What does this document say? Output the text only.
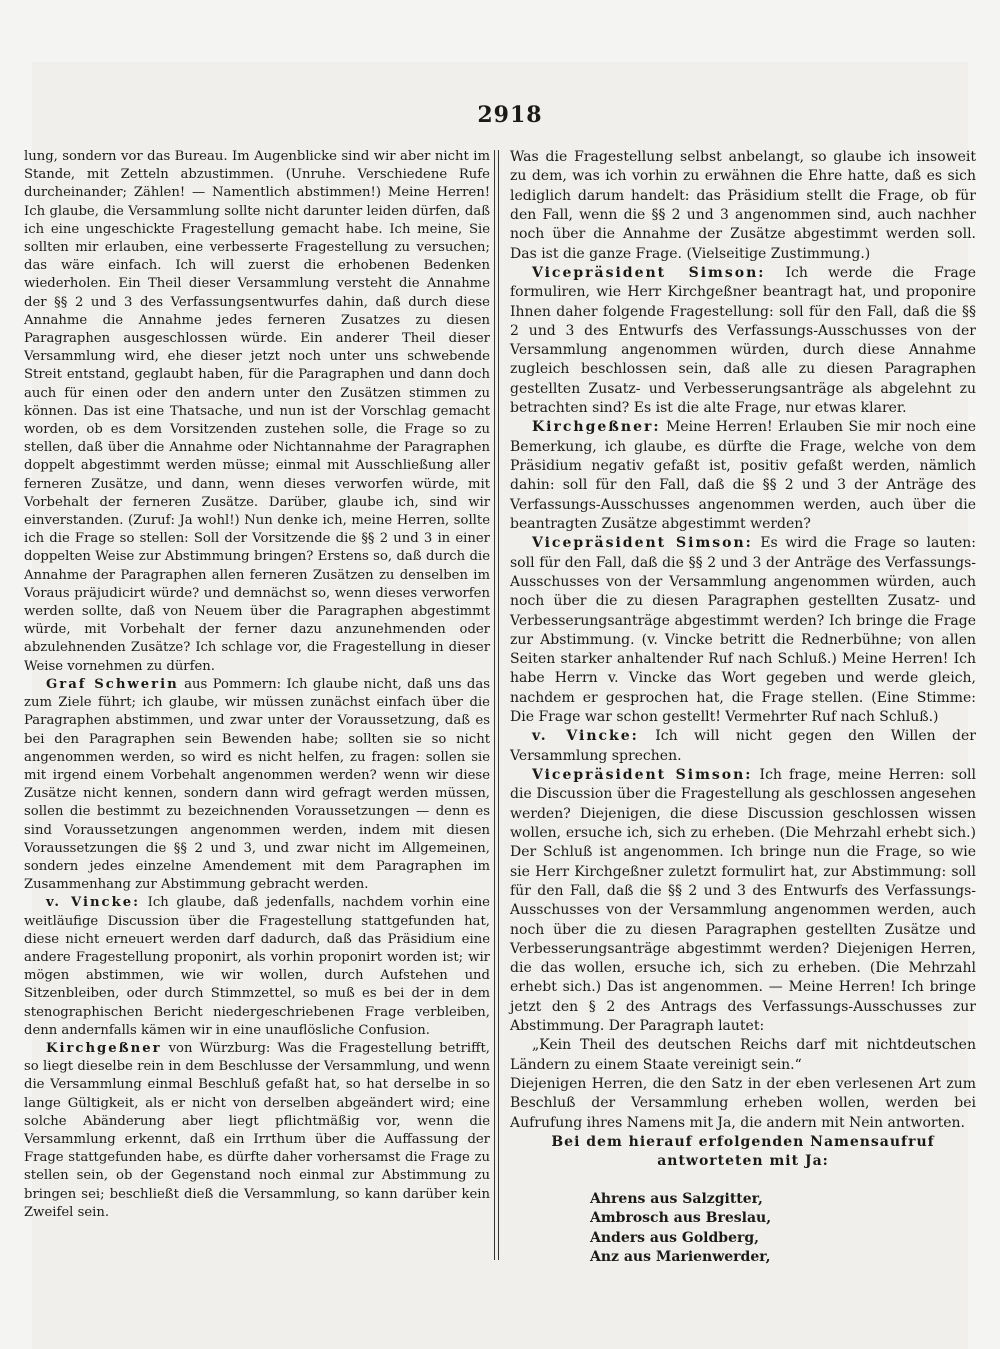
2918

lung, sondern vor das Bureau. Im Augenblicke sind wir aber nicht im Stande, mit Zetteln abzustimmen. (Unruhe. Verschiedene Rufe durcheinander; Zählen! — Namentlich abstimmen!) Meine Herren! Ich glaube, die Versammlung sollte nicht darunter leiden dürfen, daß ich eine ungeschickte Fragestellung gemacht habe. Ich meine, Sie sollten mir erlauben, eine verbesserte Fragestellung zu versuchen; das wäre einfach. Ich will zuerst die erhobenen Bedenken wiederholen. Ein Theil dieser Versammlung versteht die Annahme der §§ 2 und 3 des Verfassungsentwurfes dahin, daß durch diese Annahme die Annahme jedes ferneren Zusatzes zu diesen Paragraphen ausgeschlossen würde. Ein anderer Theil dieser Versammlung wird, ehe dieser jetzt noch unter uns schwebende Streit entstand, geglaubt haben, für die Paragraphen und dann doch auch für einen oder den andern unter den Zusätzen stimmen zu können. Das ist eine Thatsache, und nun ist der Vorschlag gemacht worden, ob es dem Vorsitzenden zustehen solle, die Frage so zu stellen, daß über die Annahme oder Nichtannahme der Paragraphen doppelt abgestimmt werden müsse; einmal mit Ausschließung aller ferneren Zusätze, und dann, wenn dieses verworfen würde, mit Vorbehalt der ferneren Zusätze. Darüber, glaube ich, sind wir einverstanden. (Zuruf: Ja wohl!) Nun denke ich, meine Herren, sollte ich die Frage so stellen: Soll der Vorsitzende die §§ 2 und 3 in einer doppelten Weise zur Abstimmung bringen? Erstens so, daß durch die Annahme der Paragraphen allen ferneren Zusätzen zu denselben im Voraus präjudicirt würde? und demnächst so, wenn dieses verworfen werden sollte, daß von Neuem über die Paragraphen abgestimmt würde, mit Vorbehalt der ferner dazu anzunehmenden oder abzulehnenden Zusätze? Ich schlage vor, die Fragestellung in dieser Weise vornehmen zu dürfen.

Graf Schwerin aus Pommern: Ich glaube nicht, daß uns das zum Ziele führt; ich glaube, wir müssen zunächst einfach über die Paragraphen abstimmen, und zwar unter der Voraussetzung, daß es bei den Paragraphen sein Bewenden habe; sollten sie so nicht angenommen werden, so wird es nicht helfen, zu fragen: sollen sie mit irgend einem Vorbehalt angenommen werden? wenn wir diese Zusätze nicht kennen, sondern dann wird gefragt werden müssen, sollen die bestimmt zu bezeichnenden Voraussetzungen — denn es sind Voraussetzungen angenommen werden, indem mit diesen Voraussetzungen die §§ 2 und 3, und zwar nicht im Allgemeinen, sondern jedes einzelne Amendement mit dem Paragraphen im Zusammenhang zur Abstimmung gebracht werden.

v. Vincke: Ich glaube, daß jedenfalls, nachdem vorhin eine weitläufige Discussion über die Fragestellung stattgefunden hat, diese nicht erneuert werden darf dadurch, daß das Präsidium eine andere Fragestellung proponirt, als vorhin proponirt worden ist; wir mögen abstimmen, wie wir wollen, durch Aufstehen und Sitzenbleiben, oder durch Stimmzettel, so muß es bei der in dem stenographischen Bericht niedergeschriebenen Frage verbleiben, denn andernfalls kämen wir in eine unauflösliche Confusion.

Kirchgeßner von Würzburg: Was die Fragestellung betrifft, so liegt dieselbe rein in dem Beschlusse der Versammlung, und wenn die Versammlung einmal Beschluß gefaßt hat, so hat derselbe in so lange Gültigkeit, als er nicht von derselben abgeändert wird; eine solche Abänderung aber liegt pflichtmäßig vor, wenn die Versammlung erkennt, daß ein Irrthum über die Auffassung der Frage stattgefunden habe, es dürfte daher vorhersamst die Frage zu stellen sein, ob der Gegenstand noch einmal zur Abstimmung zu bringen sei; beschließt dieß die Versammlung, so kann darüber kein Zweifel sein.

Was die Fragestellung selbst anbelangt, so glaube ich insoweit zu dem, was ich vorhin zu erwähnen die Ehre hatte, daß es sich lediglich darum handelt: das Präsidium stellt die Frage, ob für den Fall, wenn die §§ 2 und 3 angenommen sind, auch nachher noch über die Annahme der Zusätze abgestimmt werden soll. Das ist die ganze Frage. (Vielseitige Zustimmung.)

Vicepräsident Simson: Ich werde die Frage formuliren, wie Herr Kirchgeßner beantragt hat, und proponire Ihnen daher folgende Fragestellung: soll für den Fall, daß die §§ 2 und 3 des Entwurfs des Verfassungs-Ausschusses von der Versammlung angenommen würden, durch diese Annahme zugleich beschlossen sein, daß alle zu diesen Paragraphen gestellten Zusatz- und Verbesserungsanträge als abgelehnt zu betrachten sind? Es ist die alte Frage, nur etwas klarer.

Kirchgeßner: Meine Herren! Erlauben Sie mir noch eine Bemerkung, ich glaube, es dürfte die Frage, welche von dem Präsidium negativ gefaßt ist, positiv gefaßt werden, nämlich dahin: soll für den Fall, daß die §§ 2 und 3 der Anträge des Verfassungs-Ausschusses angenommen werden, auch über die beantragten Zusätze abgestimmt werden?

Vicepräsident Simson: Es wird die Frage so lauten: soll für den Fall, daß die §§ 2 und 3 der Anträge des Verfassungs-Ausschusses von der Versammlung angenommen würden, auch noch über die zu diesen Paragraphen gestellten Zusatz- und Verbesserungsanträge abgestimmt werden? Ich bringe die Frage zur Abstimmung. (v. Vincke betritt die Rednerbühne; von allen Seiten starker anhaltender Ruf nach Schluß.) Meine Herren! Ich habe Herrn v. Vincke das Wort gegeben und werde gleich, nachdem er gesprochen hat, die Frage stellen. (Eine Stimme: Die Frage war schon gestellt! Vermehrter Ruf nach Schluß.)

v. Vincke: Ich will nicht gegen den Willen der Versammlung sprechen.

Vicepräsident Simson: Ich frage, meine Herren: soll die Discussion über die Fragestellung als geschlossen angesehen werden? Diejenigen, die diese Discussion geschlossen wissen wollen, ersuche ich, sich zu erheben. (Die Mehrzahl erhebt sich.) Der Schluß ist angenommen. Ich bringe nun die Frage, so wie sie Herr Kirchgeßner zuletzt formulirt hat, zur Abstimmung: soll für den Fall, daß die §§ 2 und 3 des Entwurfs des Verfassungs-Ausschusses von der Versammlung angenommen werden, auch noch über die zu diesen Paragraphen gestellten Zusätze und Verbesserungsanträge abgestimmt werden? Diejenigen Herren, die das wollen, ersuche ich, sich zu erheben. (Die Mehrzahl erhebt sich.) Das ist angenommen. — Meine Herren! Ich bringe jetzt den § 2 des Antrags des Verfassungs-Ausschusses zur Abstimmung. Der Paragraph lautet:

„Kein Theil des deutschen Reichs darf mit nichtdeutschen Ländern zu einem Staate vereinigt sein.“

Diejenigen Herren, die den Satz in der eben verlesenen Art zum Beschluß der Versammlung erheben wollen, werden bei Aufrufung ihres Namens mit Ja, die andern mit Nein antworten.

Bei dem hierauf erfolgenden Namensaufruf antworteten mit Ja:

Ahrens aus Salzgitter,
Ambrosch aus Breslau,
Anders aus Goldberg,
Anz aus Marienwerder,
